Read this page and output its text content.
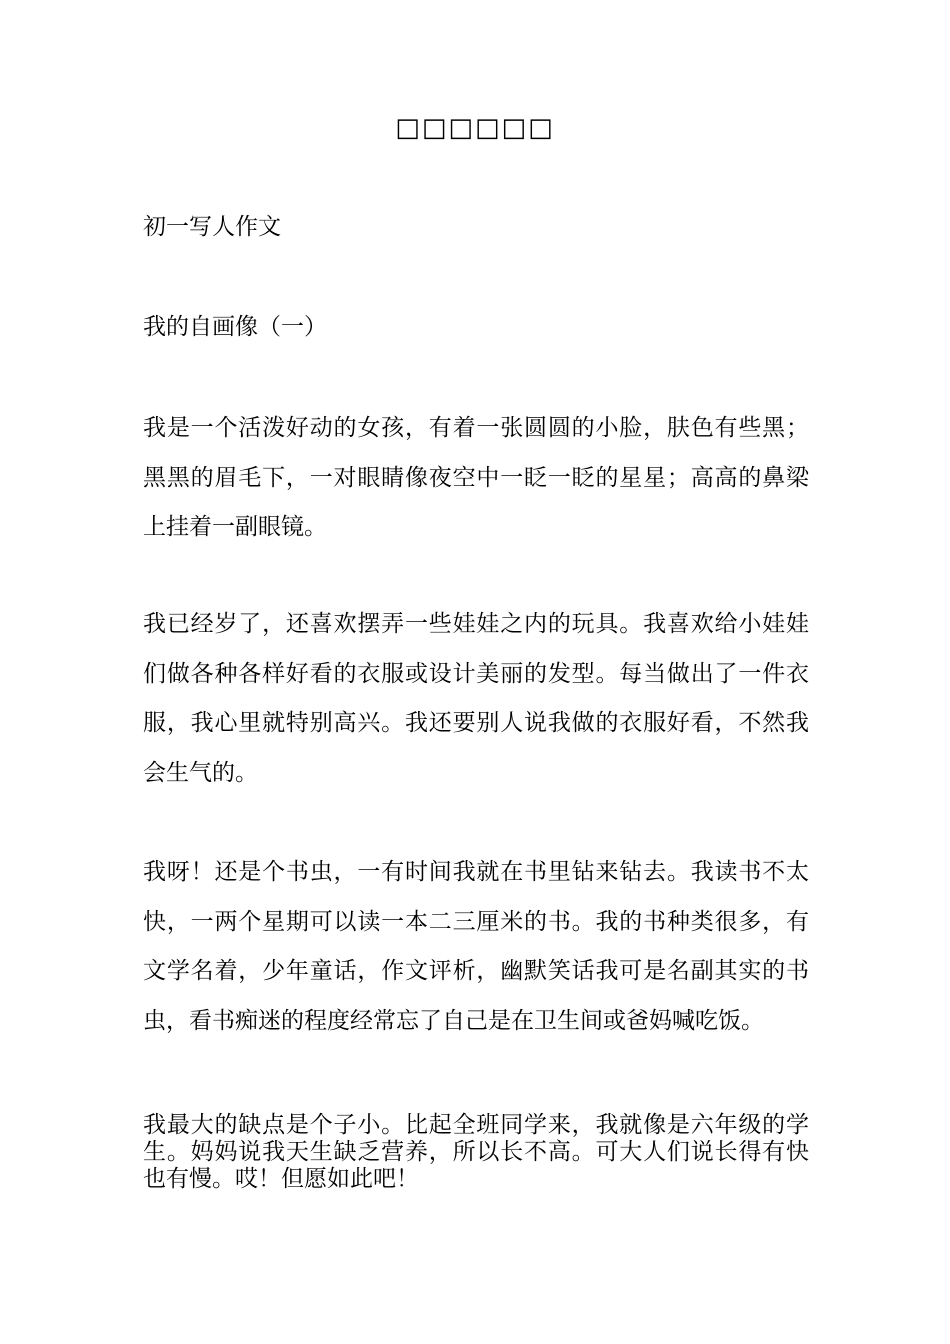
□□□□□□
初一写人作文
我的自画像（一）

我是一个活泼好动的女孩，有着一张圆圆的小脸，肤色有些黑；黑黑的眉毛下，一对眼睛像夜空中一眨一眨的星星；高高的鼻梁上挂着一副眼镜。

我已经岁了，还喜欢摆弄一些娃娃之内的玩具。我喜欢给小娃娃们做各种各样好看的衣服或设计美丽的发型。每当做出了一件衣服，我心里就特别高兴。我还要别人说我做的衣服好看，不然我会生气的。

我呀！还是个书虫，一有时间我就在书里钻来钻去。我读书不太快，一两个星期可以读一本二三厘米的书。我的书种类很多，有文学名着，少年童话，作文评析，幽默笑话我可是名副其实的书虫，看书痴迷的程度经常忘了自己是在卫生间或爸妈喊吃饭。

我最大的缺点是个子小。比起全班同学来，我就像是六年级的学生。妈妈说我天生缺乏营养，所以长不高。可大人们说长得有快也有慢。哎！但愿如此吧！
